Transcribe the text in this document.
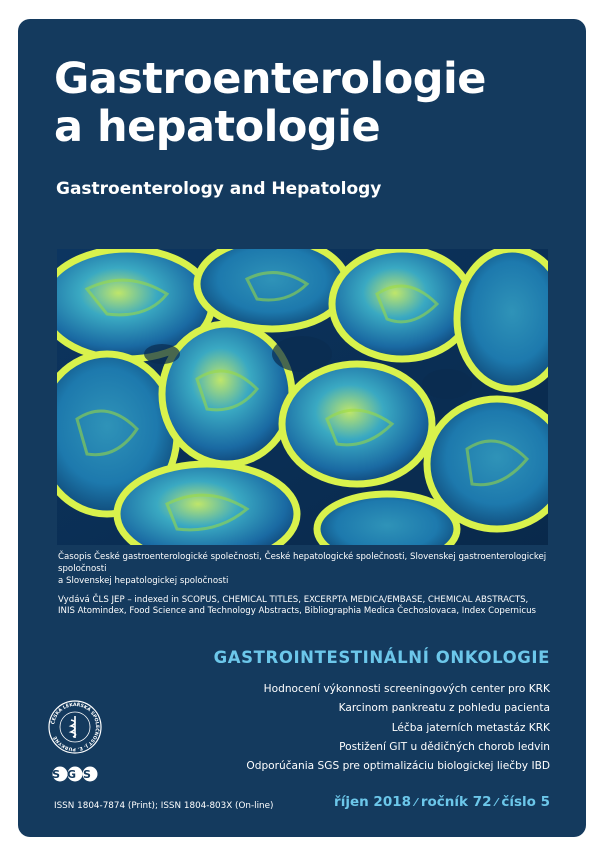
Gastroenterologie
a hepatologie

Gastroenterology and Hepatology

Časopis České gastroenterologické společnosti, České hepatologické společnosti, Slovenskej gastroenterologickej spoločnosti
a Slovenskej hepatologickej spoločnosti

Vydává ČLS JEP – indexed in SCOPUS, CHEMICAL TITLES, EXCERPTA MEDICA/EMBASE, CHEMICAL ABSTRACTS,
INIS Atomindex, Food Science and Technology Abstracts, Bibliographia Medica Čechoslovaca, Index Copernicus

GASTROINTESTINÁLNÍ ONKOLOGIE
Hodnocení výkonnosti screeningových center pro KRK
Karcinom pankreatu z pohledu pacienta
Léčba jaterních metastáz KRK
Postižení GIT u dědičných chorob ledvin
Odporúčania SGS pre optimalizáciu biologickej liečby IBD
ČESKÁ LÉKAŘSKÁ SPOLEČNOST J. E. PURKYNĚ
SGS
ISSN 1804-7874 (Print); ISSN 1804-803X (On-line)	říjen 2018 ⁄ ročník 72 ⁄ číslo 5
